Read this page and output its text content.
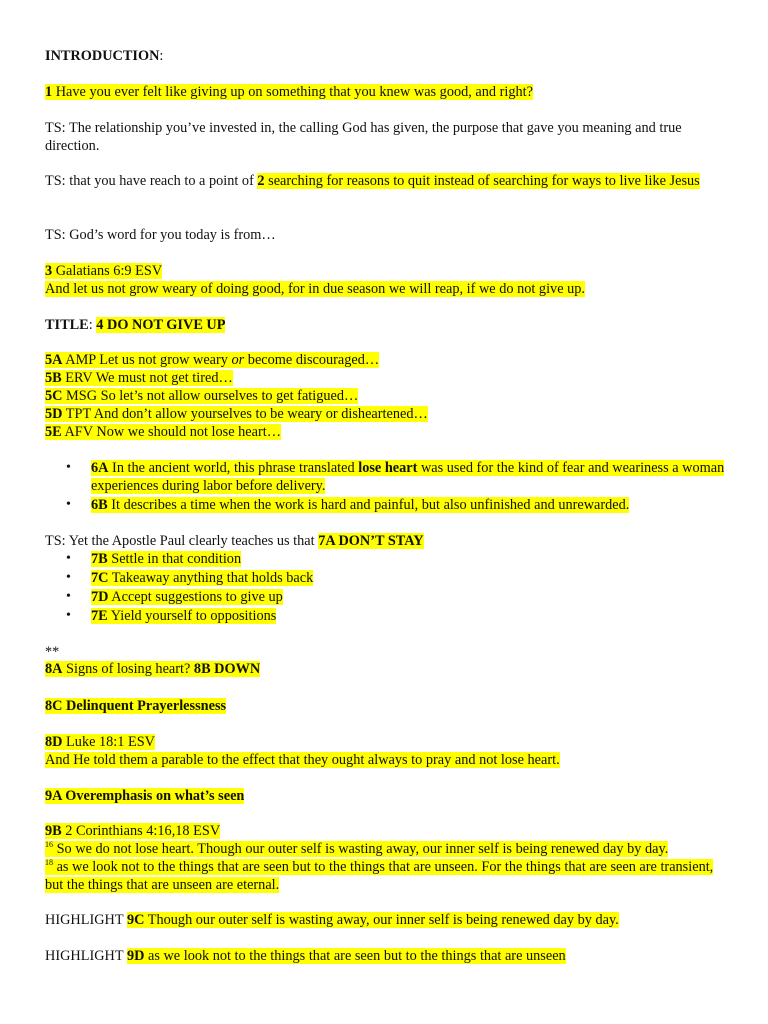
INTRODUCTION:
1 Have you ever felt like giving up on something that you knew was good, and right?
TS: The relationship you’ve invested in, the calling God has given, the purpose that gave you meaning and true direction.
TS: that you have reach to a point of 2 searching for reasons to quit instead of searching for ways to live like Jesus
TS: God’s word for you today is from…
3 Galatians 6:9 ESV
And let us not grow weary of doing good, for in due season we will reap, if we do not give up.
TITLE: 4 DO NOT GIVE UP
5A AMP Let us not grow weary or become discouraged…
5B ERV We must not get tired…
5C MSG So let’s not allow ourselves to get fatigued…
5D TPT And don’t allow yourselves to be weary or disheartened…
5E AFV Now we should not lose heart…
• 6A In the ancient world, this phrase translated lose heart was used for the kind of fear and weariness a woman experiences during labor before delivery.
• 6B It describes a time when the work is hard and painful, but also unfinished and unrewarded.
TS: Yet the Apostle Paul clearly teaches us that 7A DON’T STAY
• 7B Settle in that condition
• 7C Takeaway anything that holds back
• 7D Accept suggestions to give up
• 7E Yield yourself to oppositions
**
8A Signs of losing heart? 8B DOWN
8C Delinquent Prayerlessness
8D Luke 18:1 ESV
And He told them a parable to the effect that they ought always to pray and not lose heart.
9A Overemphasis on what’s seen
9B 2 Corinthians 4:16,18 ESV
$^{16}$ So we do not lose heart. Though our outer self is wasting away, our inner self is being renewed day by day.
$^{18}$ as we look not to the things that are seen but to the things that are unseen. For the things that are seen are transient, but the things that are unseen are eternal.
HIGHLIGHT 9C Though our outer self is wasting away, our inner self is being renewed day by day.
HIGHLIGHT 9D as we look not to the things that are seen but to the things that are unseen
